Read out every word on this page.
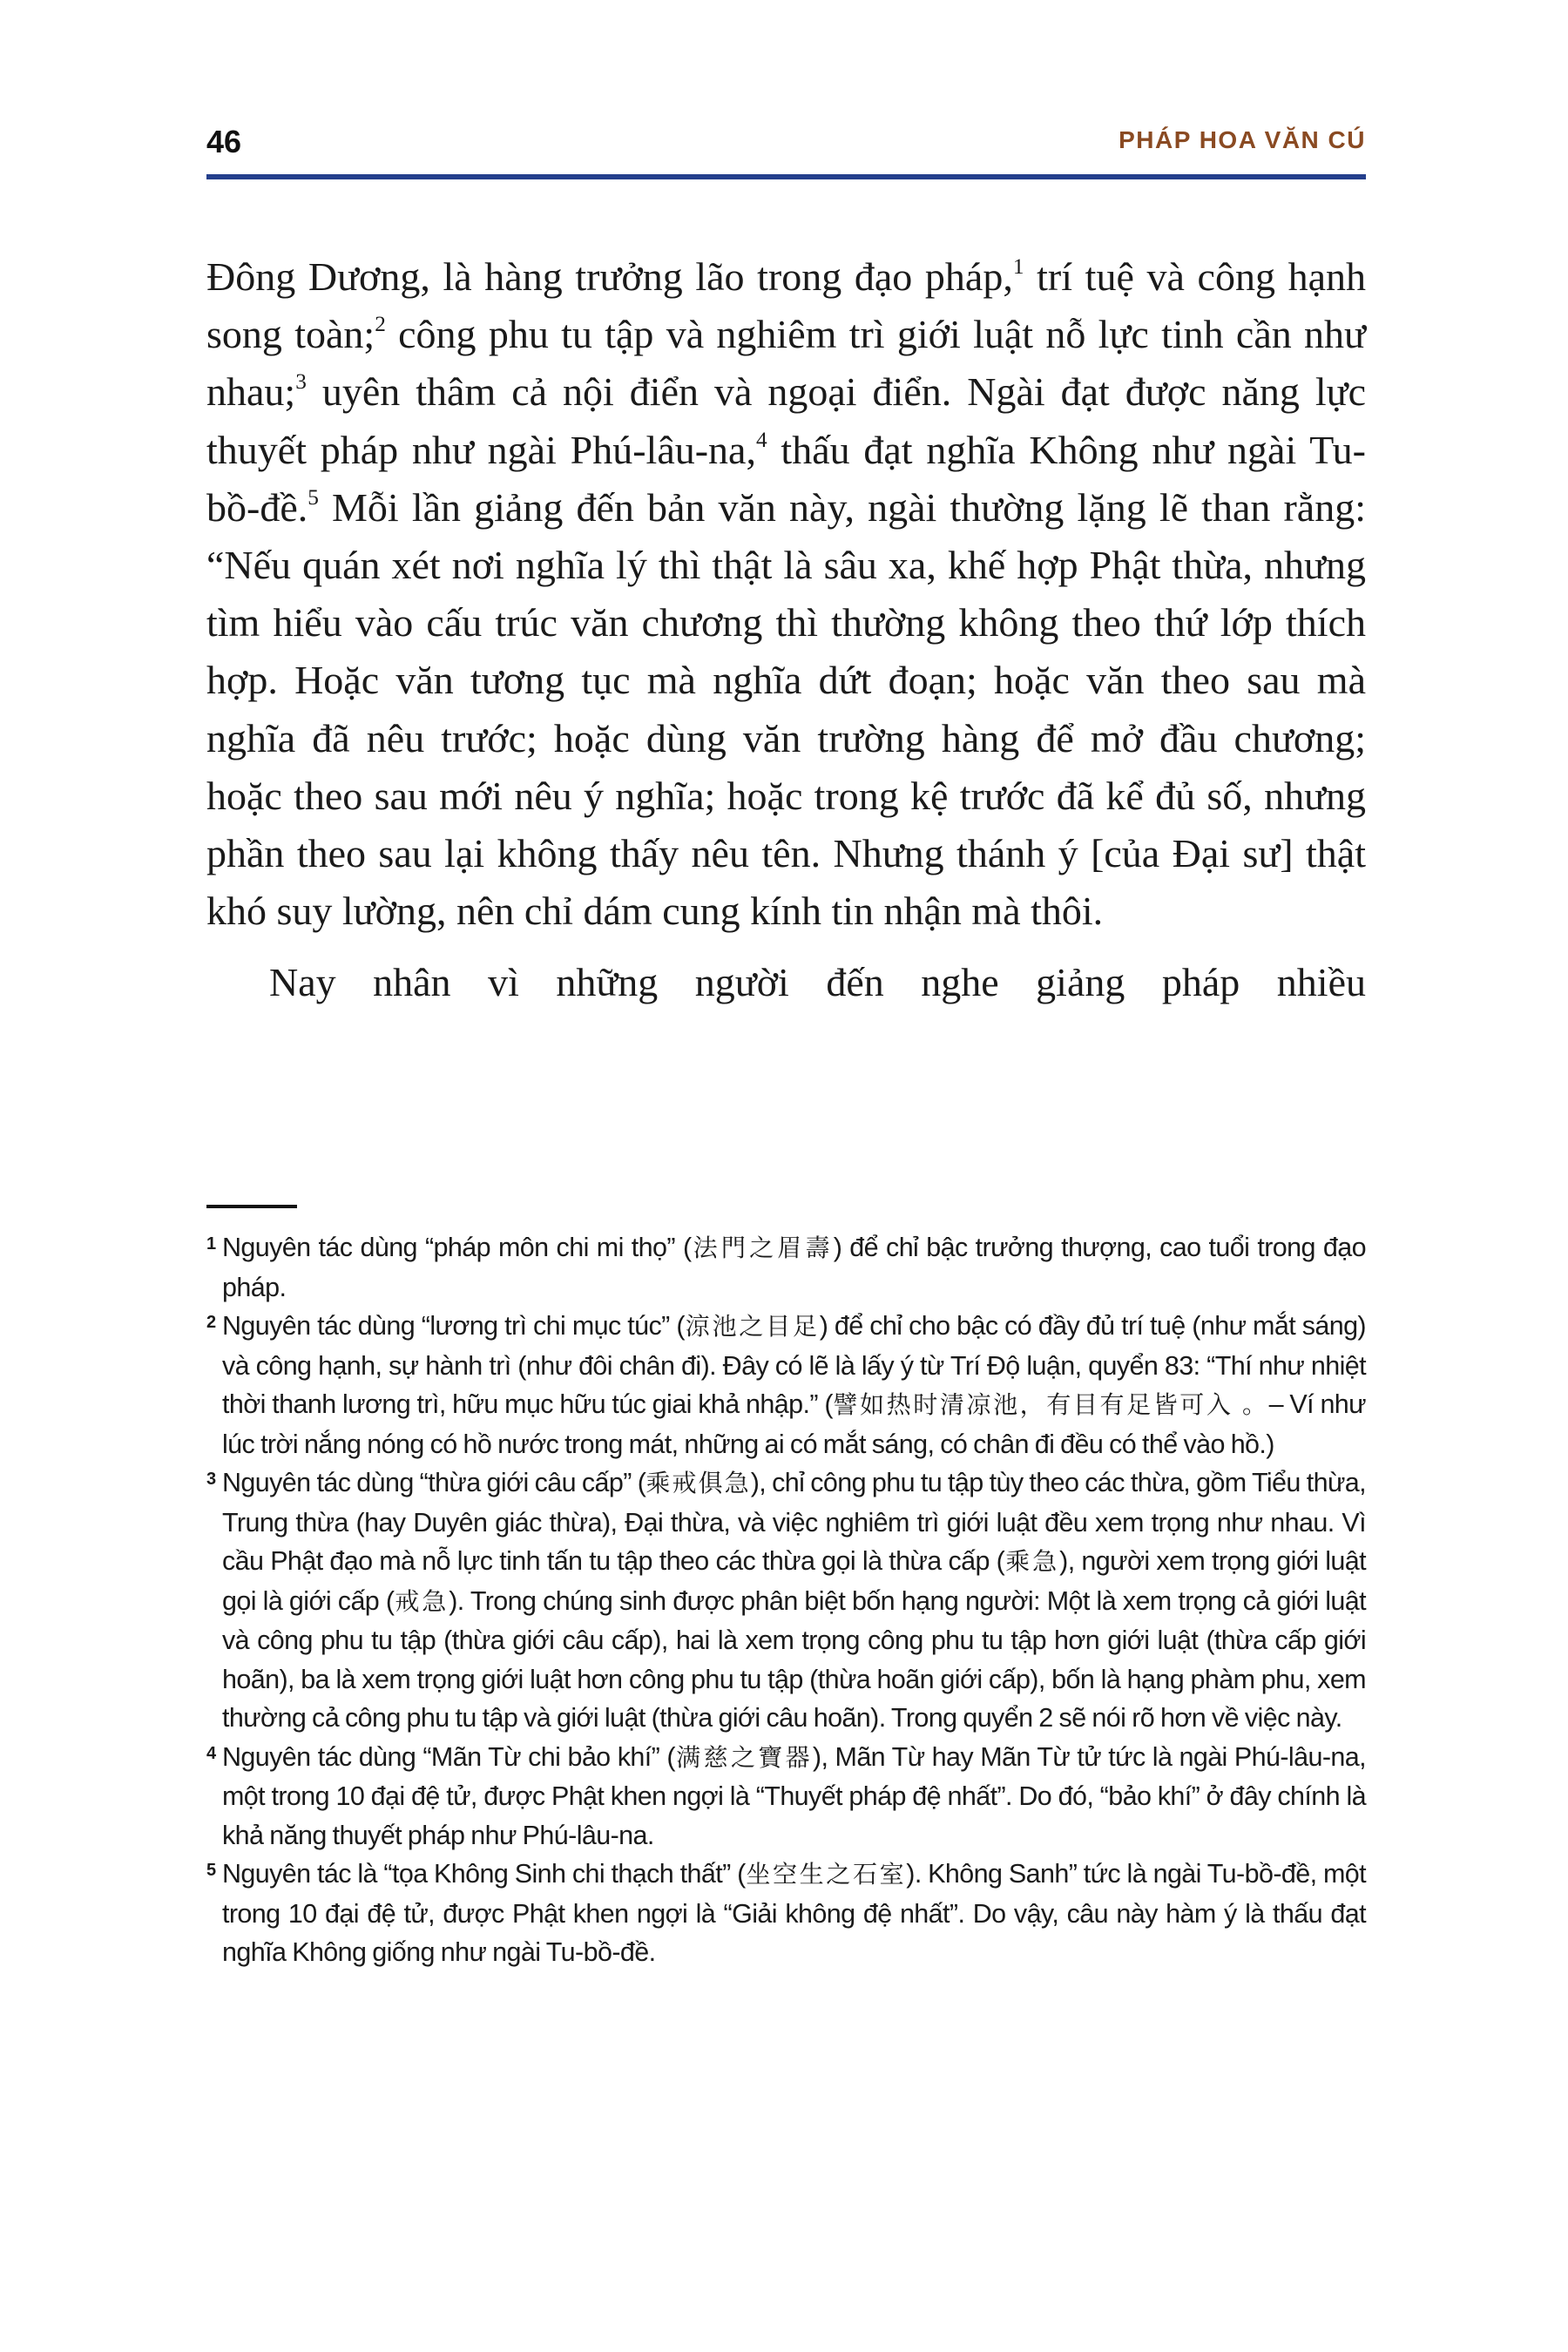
46	PHÁP HOA VĂN CÚ

Đông Dương, là hàng trưởng lão trong đạo pháp,$^1$ trí tuệ và công hạnh song toàn;$^2$ công phu tu tập và nghiêm trì giới luật nỗ lực tinh cần như nhau;$^3$ uyên thâm cả nội điển và ngoại điển. Ngài đạt được năng lực thuyết pháp như ngài Phú-lâu-na,$^4$ thấu đạt nghĩa Không như ngài Tu-bồ-đề.$^5$ Mỗi lần giảng đến bản văn này, ngài thường lặng lẽ than rằng: “Nếu quán xét nơi nghĩa lý thì thật là sâu xa, khế hợp Phật thừa, nhưng tìm hiểu vào cấu trúc văn chương thì thường không theo thứ lớp thích hợp. Hoặc văn tương tục mà nghĩa dứt đoạn; hoặc văn theo sau mà nghĩa đã nêu trước; hoặc dùng văn trường hàng để mở đầu chương; hoặc theo sau mới nêu ý nghĩa; hoặc trong kệ trước đã kể đủ số, nhưng phần theo sau lại không thấy nêu tên. Nhưng thánh ý [của Đại sư] thật khó suy lường, nên chỉ dám cung kính tin nhận mà thôi.

Nay nhân vì những người đến nghe giảng pháp nhiều

1 Nguyên tác dùng “pháp môn chi mi thọ” (法門之眉壽) để chỉ bậc trưởng thượng, cao tuổi trong đạo pháp.

2 Nguyên tác dùng “lương trì chi mục túc” (涼池之目足) để chỉ cho bậc có đầy đủ trí tuệ (như mắt sáng) và công hạnh, sự hành trì (như đôi chân đi). Đây có lẽ là lấy ý từ Trí Độ luận, quyển 83: “Thí như nhiệt thời thanh lương trì, hữu mục hữu túc giai khả nhập.” (譬如热时清凉池，有目有足皆可入 。– Ví như lúc trời nắng nóng có hồ nước trong mát, những ai có mắt sáng, có chân đi đều có thể vào hồ.)

3 Nguyên tác dùng “thừa giới câu cấp” (乘戒俱急), chỉ công phu tu tập tùy theo các thừa, gồm Tiểu thừa, Trung thừa (hay Duyên giác thừa), Đại thừa, và việc nghiêm trì giới luật đều xem trọng như nhau. Vì cầu Phật đạo mà nỗ lực tinh tấn tu tập theo các thừa gọi là thừa cấp (乘急), người xem trọng giới luật gọi là giới cấp (戒急). Trong chúng sinh được phân biệt bốn hạng người: Một là xem trọng cả giới luật và công phu tu tập (thừa giới câu cấp), hai là xem trọng công phu tu tập hơn giới luật (thừa cấp giới hoãn), ba là xem trọng giới luật hơn công phu tu tập (thừa hoãn giới cấp), bốn là hạng phàm phu, xem thường cả công phu tu tập và giới luật (thừa giới câu hoãn). Trong quyển 2 sẽ nói rõ hơn về việc này.

4 Nguyên tác dùng “Mãn Từ chi bảo khí” (满慈之寶器), Mãn Từ hay Mãn Từ tử tức là ngài Phú-lâu-na, một trong 10 đại đệ tử, được Phật khen ngợi là “Thuyết pháp đệ nhất”. Do đó, “bảo khí” ở đây chính là khả năng thuyết pháp như Phú-lâu-na.

5 Nguyên tác là “tọa Không Sinh chi thạch thất” (坐空生之石室). Không Sanh” tức là ngài Tu-bồ-đề, một trong 10 đại đệ tử, được Phật khen ngợi là “Giải không đệ nhất”. Do vậy, câu này hàm ý là thấu đạt nghĩa Không giống như ngài Tu-bồ-đề.
